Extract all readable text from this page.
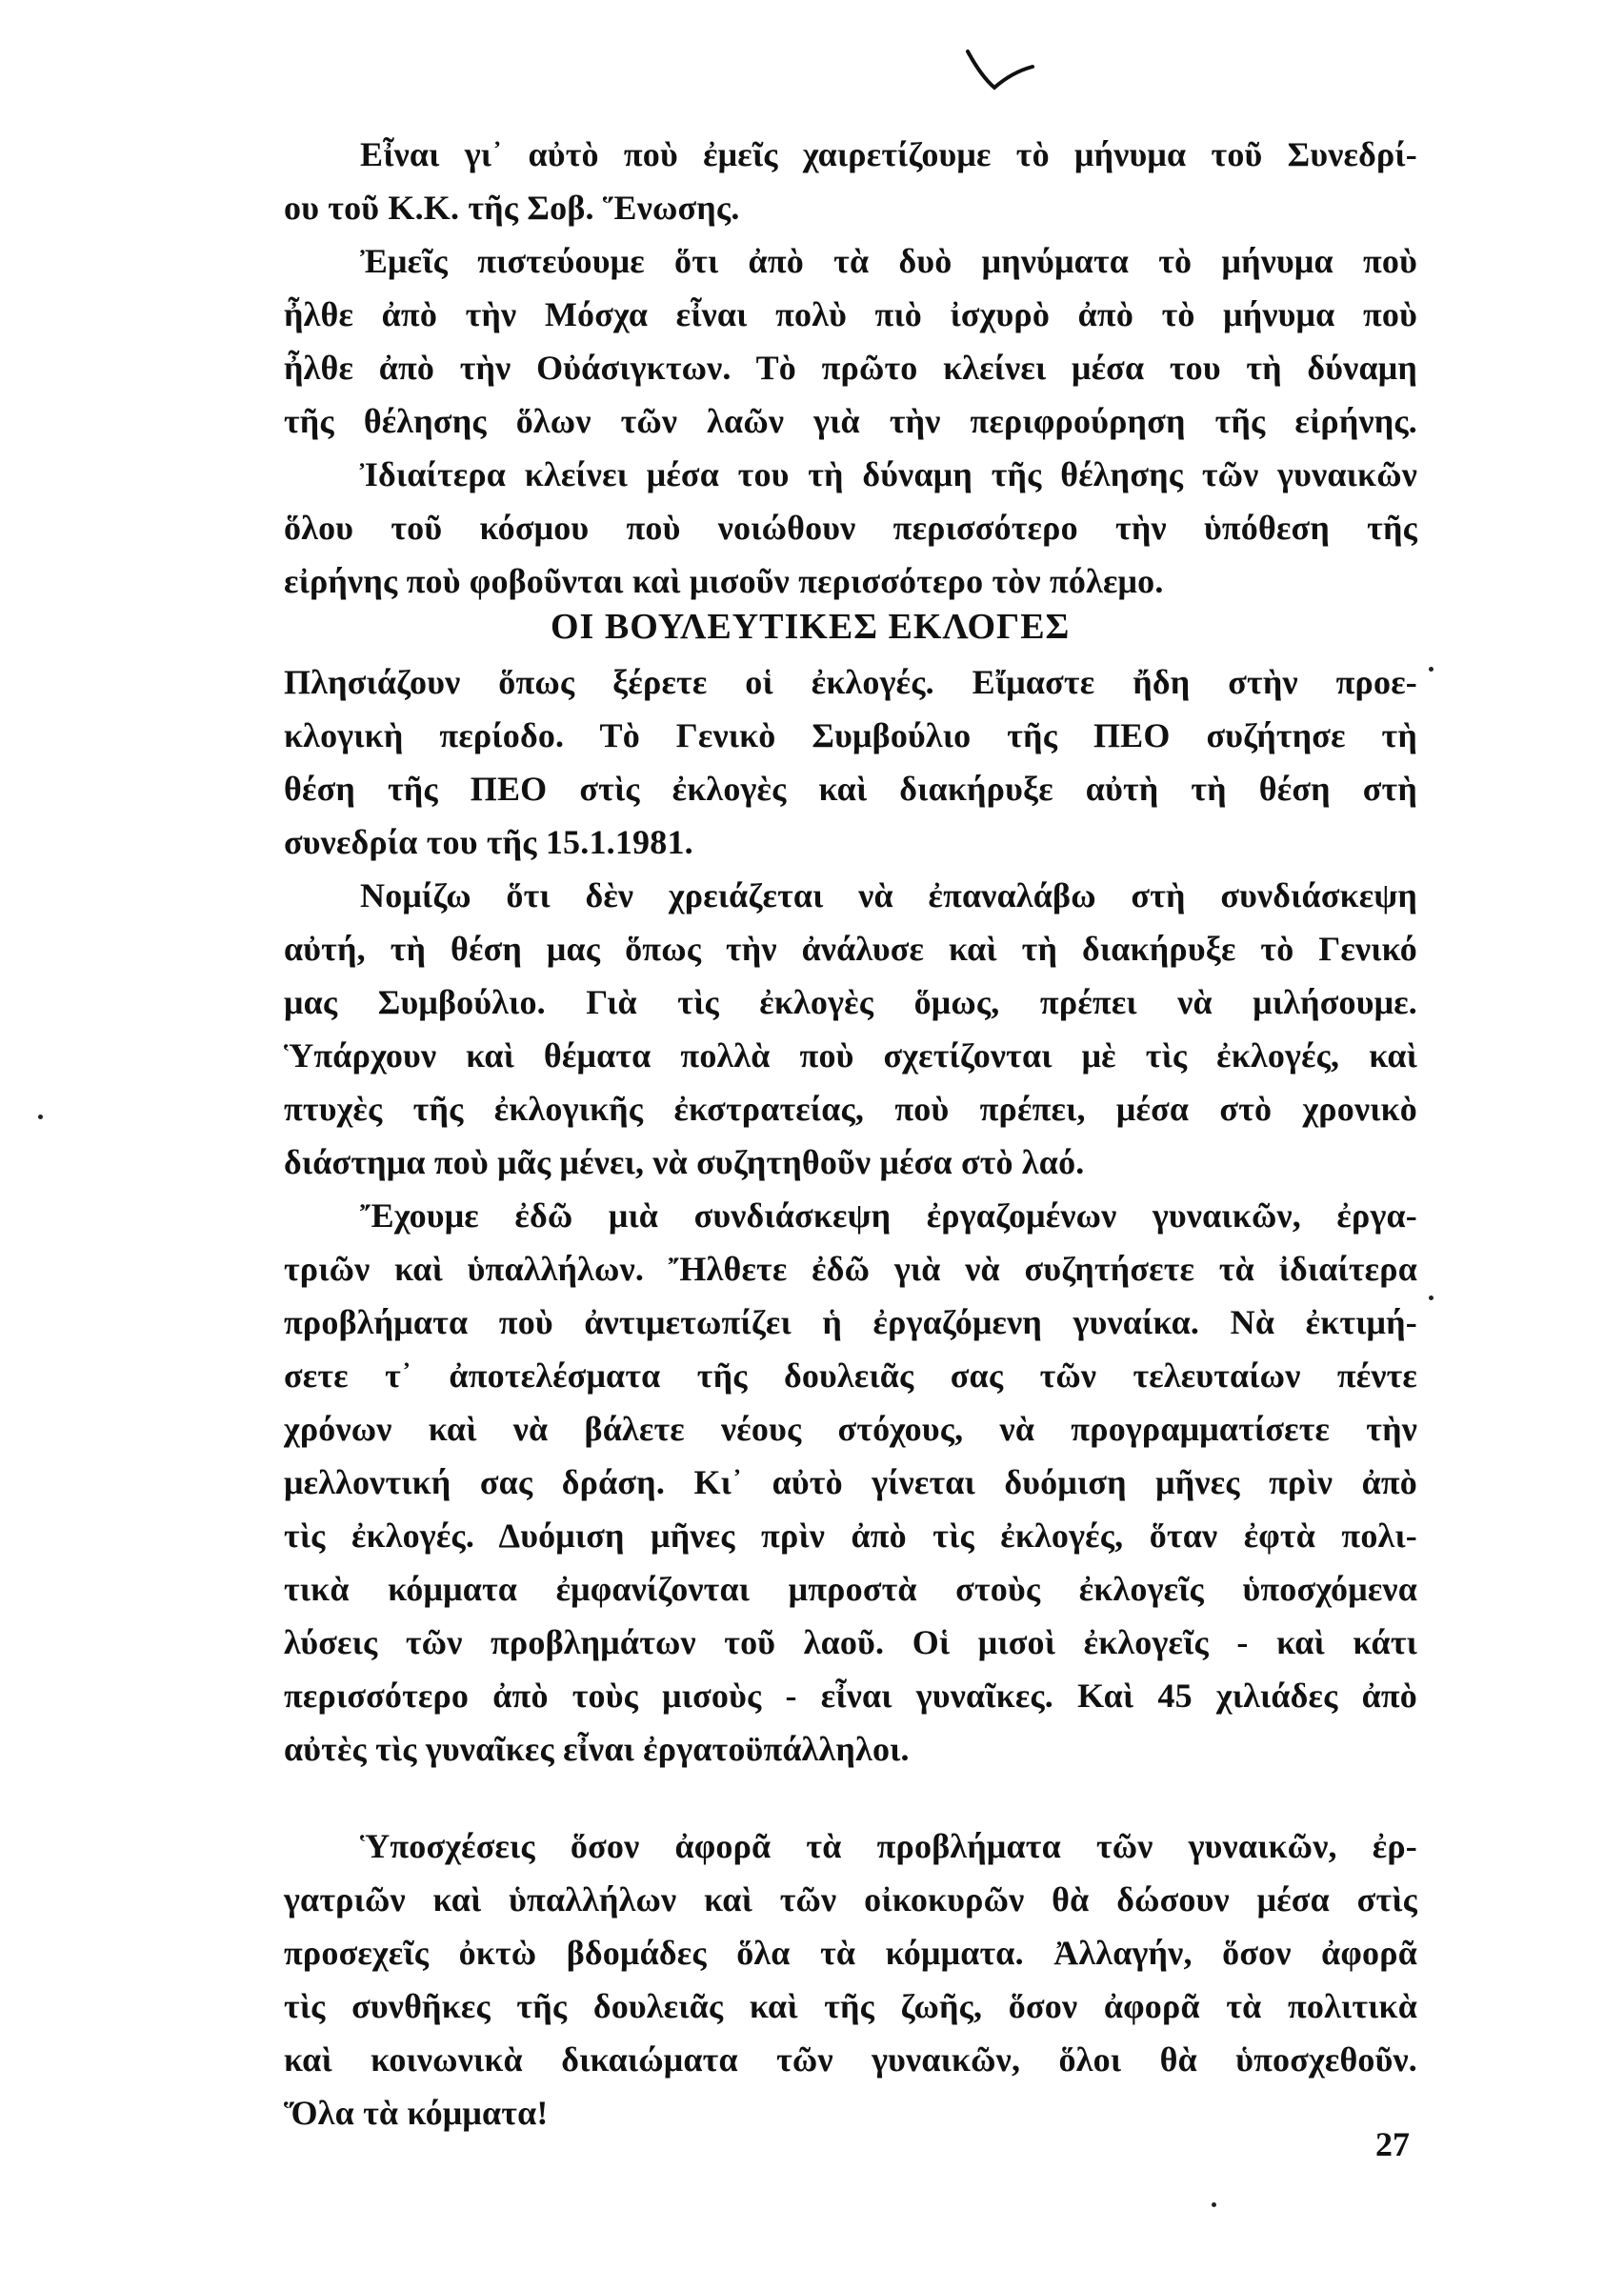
Εἶναι γι᾽ αὐτὸ ποὺ ἐμεῖς χαιρετίζουμε τὸ μήνυμα τοῦ Συνεδρί-
ου τοῦ Κ.Κ. τῆς Σοβ. Ἕνωσης.
Ἐμεῖς πιστεύουμε ὅτι ἀπὸ τὰ δυὸ μηνύματα τὸ μήνυμα ποὺ
ἦλθε ἀπὸ τὴν Μόσχα εἶναι πολὺ πιὸ ἰσχυρὸ ἀπὸ τὸ μήνυμα ποὺ
ἦλθε ἀπὸ τὴν Οὐάσιγκτων. Τὸ πρῶτο κλείνει μέσα του τὴ δύναμη
τῆς θέλησης ὅλων τῶν λαῶν γιὰ τὴν περιφρούρηση τῆς εἰρήνης.
Ἰδιαίτερα κλείνει μέσα του τὴ δύναμη τῆς θέλησης τῶν γυναικῶν
ὅλου τοῦ κόσμου ποὺ νοιώθουν περισσότερο τὴν ὑπόθεση τῆς
εἰρήνης ποὺ φοβοῦνται καὶ μισοῦν περισσότερο τὸν πόλεμο.
ΟΙ ΒΟΥΛΕΥΤΙΚΕΣ ΕΚΛΟΓΕΣ
Πλησιάζουν ὅπως ξέρετε οἱ ἐκλογές. Εἴμαστε ἤδη στὴν προε-
κλογικὴ περίοδο. Τὸ Γενικὸ Συμβούλιο τῆς ΠΕΟ συζήτησε τὴ
θέση τῆς ΠΕΟ στὶς ἐκλογὲς καὶ διακήρυξε αὐτὴ τὴ θέση στὴ
συνεδρία του τῆς 15.1.1981.
Νομίζω ὅτι δὲν χρειάζεται νὰ ἐπαναλάβω στὴ συνδιάσκεψη
αὐτή, τὴ θέση μας ὅπως τὴν ἀνάλυσε καὶ τὴ διακήρυξε τὸ Γενικό
μας Συμβούλιο. Γιὰ τὶς ἐκλογὲς ὅμως, πρέπει νὰ μιλήσουμε.
Ὑπάρχουν καὶ θέματα πολλὰ ποὺ σχετίζονται μὲ τὶς ἐκλογές, καὶ
πτυχὲς τῆς ἐκλογικῆς ἐκστρατείας, ποὺ πρέπει, μέσα στὸ χρονικὸ
διάστημα ποὺ μᾶς μένει, νὰ συζητηθοῦν μέσα στὸ λαό.
Ἔχουμε ἐδῶ μιὰ συνδιάσκεψη ἐργαζομένων γυναικῶν, ἐργα-
τριῶν καὶ ὑπαλλήλων. Ἤλθετε ἐδῶ γιὰ νὰ συζητήσετε τὰ ἰδιαίτερα
προβλήματα ποὺ ἀντιμετωπίζει ἡ ἐργαζόμενη γυναίκα. Νὰ ἐκτιμή-
σετε τ᾽ ἀποτελέσματα τῆς δουλειᾶς σας τῶν τελευταίων πέντε
χρόνων καὶ νὰ βάλετε νέους στόχους, νὰ προγραμματίσετε τὴν
μελλοντική σας δράση. Κι᾽ αὐτὸ γίνεται δυόμιση μῆνες πρὶν ἀπὸ
τὶς ἐκλογές. Δυόμιση μῆνες πρὶν ἀπὸ τὶς ἐκλογές, ὅταν ἐφτὰ πολι-
τικὰ κόμματα ἐμφανίζονται μπροστὰ στοὺς ἐκλογεῖς ὑποσχόμενα
λύσεις τῶν προβλημάτων τοῦ λαοῦ. Οἱ μισοὶ ἐκλογεῖς - καὶ κάτι
περισσότερο ἀπὸ τοὺς μισοὺς - εἶναι γυναῖκες. Καὶ 45 χιλιάδες ἀπὸ
αὐτὲς τὶς γυναῖκες εἶναι ἐργατοϋπάλληλοι.
Ὑποσχέσεις ὅσον ἀφορᾶ τὰ προβλήματα τῶν γυναικῶν, ἐρ-
γατριῶν καὶ ὑπαλλήλων καὶ τῶν οἰκοκυρῶν θὰ δώσουν μέσα στὶς
προσεχεῖς ὀκτὼ βδομάδες ὅλα τὰ κόμματα. Ἀλλαγήν, ὅσον ἀφορᾶ
τὶς συνθῆκες τῆς δουλειᾶς καὶ τῆς ζωῆς, ὅσον ἀφορᾶ τὰ πολιτικὰ
καὶ κοινωνικὰ δικαιώματα τῶν γυναικῶν, ὅλοι θὰ ὑποσχεθοῦν.
Ὅλα τὰ κόμματα!
27
